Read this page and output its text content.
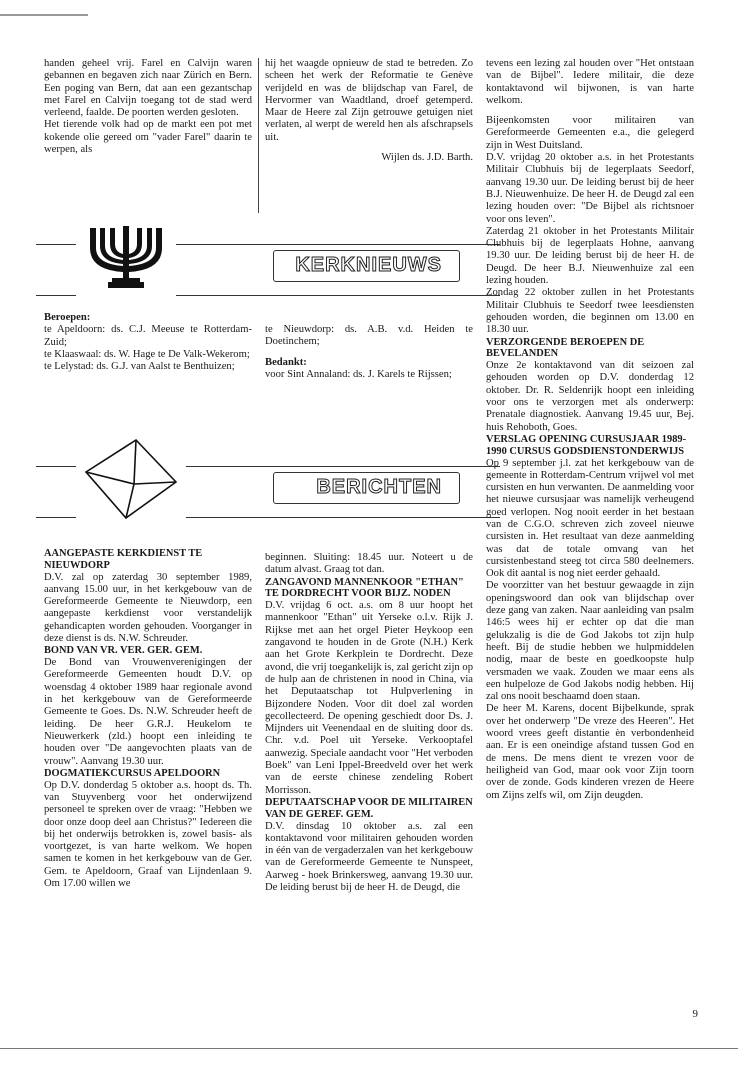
handen geheel vrij. Farel en Calvijn waren gebannen en begaven zich naar Zürich en Bern. Een poging van Bern, dat aan een gezantschap met Farel en Calvijn toegang tot de stad werd verleend, faalde. De poorten werden gesloten.

Het tierende volk had op de markt een pot met kokende olie gereed om "vader Farel" daarin te werpen, als

hij het waagde opnieuw de stad te betreden. Zo scheen het werk der Reformatie te Genève verijdeld en was de blijdschap van Farel, de Hervormer van Waadtland, droef getemperd. Maar de Heere zal Zijn getrouwe getuigen niet verlaten, al werpt de wereld hen als afschrapsels uit.

Wijlen ds. J.D. Barth.

KERKNIEUWS

Beroepen:

te Apeldoorn: ds. C.J. Meeuse te Rotterdam-Zuid;

te Klaaswaal: ds. W. Hage te De Valk-Wekerom;

te Lelystad: ds. G.J. van Aalst te Benthuizen;

te Nieuwdorp: ds. A.B. v.d. Heiden te Doetinchem;

Bedankt:

voor Sint Annaland: ds. J. Karels te Rijssen;

BERICHTEN

AANGEPASTE KERKDIENST TE NIEUWDORP

D.V. zal op zaterdag 30 september 1989, aanvang 15.00 uur, in het kerkgebouw van de Gereformeerde Gemeente te Nieuwdorp, een aangepaste kerkdienst voor verstandelijk gehandicapten worden gehouden. Voorganger in deze dienst is ds. N.W. Schreuder.

BOND VAN VR. VER. GER. GEM.

De Bond van Vrouwenverenigingen der Gereformeerde Gemeenten houdt D.V. op woensdag 4 oktober 1989 haar regionale avond in het kerkgebouw van de Gereformeerde Gemeente te Goes. Ds. N.W. Schreuder heeft de leiding. De heer G.R.J. Heukelom te Nieuwerkerk (zld.) hoopt een inleiding te houden over "De aangevochten plaats van de vrouw". Aanvang 19.30 uur.

DOGMATIEKCURSUS APELDOORN

Op D.V. donderdag 5 oktober a.s. hoopt ds. Th. van Stuyvenberg voor het onderwijzend personeel te spreken over de vraag: "Hebben we door onze doop deel aan Christus?" Iedereen die bij het onderwijs betrokken is, zowel basis- als voortgezet, is van harte welkom. We hopen samen te komen in het kerkgebouw van de Ger. Gem. te Apeldoorn, Graaf van Lijndenlaan 9. Om 17.00 willen we

beginnen. Sluiting: 18.45 uur. Noteert u de datum alvast. Graag tot dan.

ZANGAVOND MANNENKOOR "ETHAN" TE DORDRECHT VOOR BIJZ. NODEN

D.V. vrijdag 6 oct. a.s. om 8 uur hoopt het mannenkoor "Ethan" uit Yerseke o.l.v. Rijk J. Rijkse met aan het orgel Pieter Heykoop een zangavond te houden in de Grote (N.H.) Kerk aan het Grote Kerkplein te Dordrecht. Deze avond, die vrij toegankelijk is, zal gericht zijn op de hulp aan de christenen in nood in China, via het Deputaatschap tot Hulpverlening in Bijzondere Noden. Voor dit doel zal worden gecollecteerd. De opening geschiedt door Ds. J. Mijnders uit Veenendaal en de sluiting door ds. Chr. v.d. Poel uit Yerseke. Verkooptafel aanwezig. Speciale aandacht voor "Het verboden Boek" van Leni Ippel-Breedveld over het werk van de eerste chinese zendeling Robert Morrisson.

DEPUTAATSCHAP VOOR DE MILITAIREN VAN DE GEREF. GEM.

D.V. dinsdag 10 oktober a.s. zal een kontaktavond voor militairen gehouden worden in één van de vergaderzalen van het kerkgebouw van de Gereformeerde Gemeente te Nunspeet, Aarweg - hoek Brinkersweg, aanvang 19.30 uur. De leiding berust bij de heer H. de Deugd, die

tevens een lezing zal houden over "Het ontstaan van de Bijbel". Iedere militair, die deze kontaktavond wil bijwonen, is van harte welkom.

Bijeenkomsten voor militairen van Gereformeerde Gemeenten e.a., die gelegerd zijn in West Duitsland.

D.V. vrijdag 20 oktober a.s. in het Protestants Militair Clubhuis bij de legerplaats Seedorf, aanvang 19.30 uur. De leiding berust bij de heer B.J. Nieuwenhuize. De heer H. de Deugd zal een lezing houden over: "De Bijbel als richtsnoer voor ons leven".

Zaterdag 21 oktober in het Protestants Militair Clubhuis bij de legerplaats Hohne, aanvang 19.30 uur. De leiding berust bij de heer H. de Deugd. De heer B.J. Nieuwenhuize zal een lezing houden.

Zondag 22 oktober zullen in het Protestants Militair Clubhuis te Seedorf twee leesdiensten gehouden worden, die beginnen om 13.00 en 18.30 uur.

VERZORGENDE BEROEPEN DE BEVELANDEN

Onze 2e kontaktavond van dit seizoen zal gehouden worden op D.V. donderdag 12 oktober. Dr. R. Seldenrijk hoopt een inleiding voor ons te verzorgen met als onderwerp: Prenatale diagnostiek. Aanvang 19.45 uur, Bej. huis Rehoboth, Goes.

VERSLAG OPENING CURSUSJAAR 1989-1990 CURSUS GODSDIENSTONDERWIJS

Op 9 september j.l. zat het kerkgebouw van de gemeente in Rotterdam-Centrum vrijwel vol met cursisten en hun verwanten. De aanmelding voor het nieuwe cursusjaar was namelijk verheugend goed verlopen. Nog nooit eerder in het bestaan van de C.G.O. schreven zich zoveel nieuwe cursisten in. Het resultaat van deze aanmelding was dat de totale omvang van het cursistenbestand steeg tot circa 580 deelnemers. Ook dit aantal is nog niet eerder gehaald.

De voorzitter van het bestuur gewaagde in zijn openingswoord dan ook van blijdschap over deze gang van zaken. Naar aanleiding van psalm 146:5 wees hij er echter op dat die man gelukzalig is die de God Jakobs tot zijn hulp heeft. Bij de studie hebben we hulpmiddelen nodig, maar de beste en goedkoopste hulp versmaden we vaak. Zouden we maar eens als een hulpeloze de God Jakobs nodig hebben. Hij zal ons nooit beschaamd doen staan.

De heer M. Karens, docent Bijbelkunde, sprak over het onderwerp "De vreze des Heeren". Het woord vrees geeft distantie èn verbondenheid aan. Er is een oneindige afstand tussen God en de mens. De mens dient te vrezen voor de heiligheid van God, maar ook voor Zijn toorn over de zonde. Gods kinderen vrezen de Heere om Zijns zelfs wil, om Zijn deugden.

9
